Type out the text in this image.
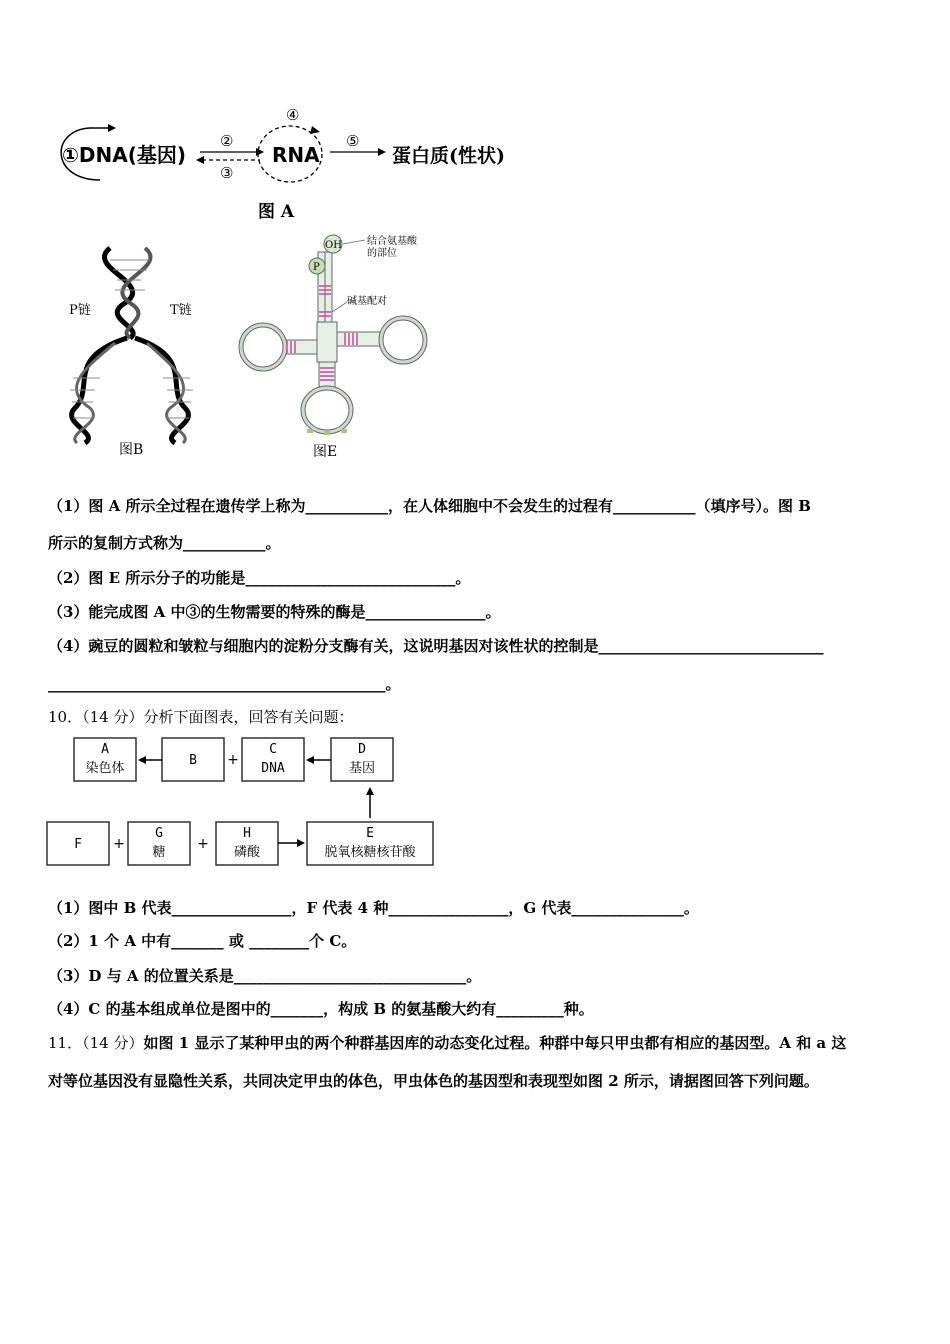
①DNA(基因)
②
③
④
RNA
⑤
蛋白质(性状)
图 A
P链	T链
图B
OH
P
结合氨基酸
的部位
碱基配对
图E
（1）图 A 所示全过程在遗传学上称为___________，在人体细胞中不会发生的过程有___________（填序号）。图 B
所示的复制方式称为___________。
（2）图 E 所示分子的功能是____________________________。
（3）能完成图 A 中③的生物需要的特殊的酶是________________。
（4）豌豆的圆粒和皱粒与细胞内的淀粉分支酶有关，这说明基因对该性状的控制是______________________________
_____________________________________________。
10．（14 分）分析下面图表，回答有关问题：
A
染色体
B
C
DNA
D
基因
F
G
糖
H
磷酸
E
脱氧核糖核苷酸
+
+	+
（1）图中 B 代表________________，F 代表 4 种________________，G 代表_______________。
（2）1 个 A 中有_______ 或 ________个 C。
（3）D 与 A 的位置关系是_______________________________。
（4）C 的基本组成单位是图中的_______，构成 B 的氨基酸大约有_________种。
11．（14 分）如图 1 显示了某种甲虫的两个种群基因库的动态变化过程。种群中每只甲虫都有相应的基因型。A 和 a 这
对等位基因没有显隐性关系，共同决定甲虫的体色，甲虫体色的基因型和表现型如图 2 所示，请据图回答下列问题。
